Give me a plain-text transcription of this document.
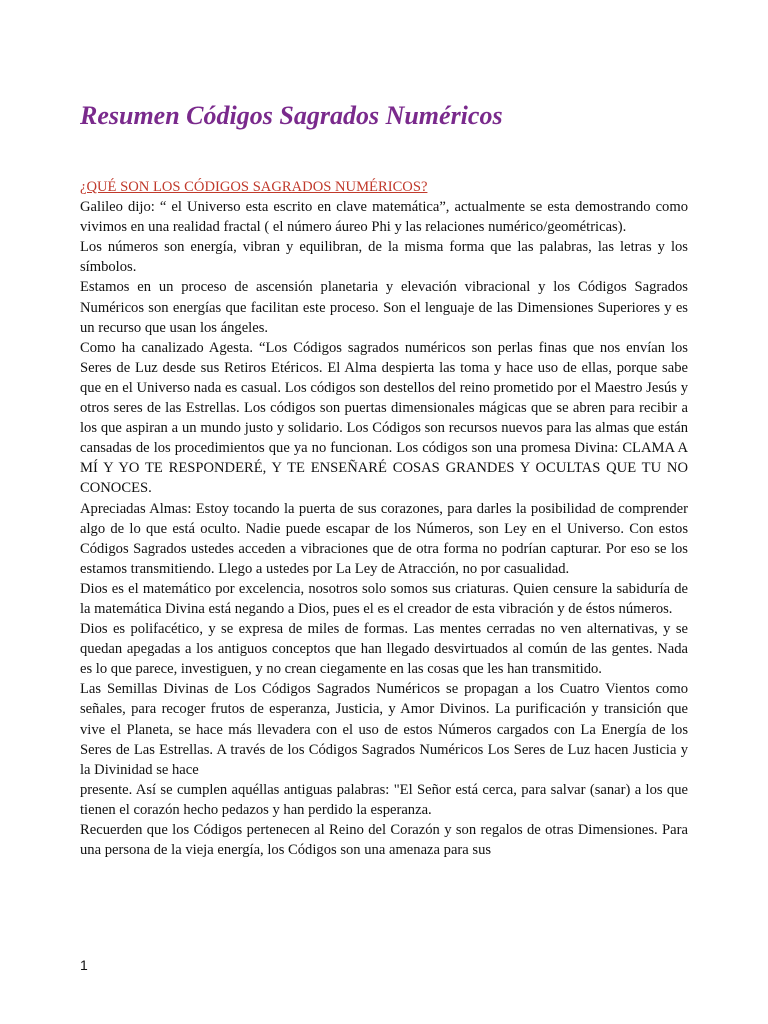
Resumen Códigos Sagrados Numéricos

¿QUÉ SON LOS CÓDIGOS SAGRADOS NUMÉRICOS?

Galileo dijo: “ el Universo esta escrito en clave matemática”, actualmente se esta demostrando como vivimos en una realidad fractal ( el número áureo Phi y las relaciones numérico/geométricas).

Los números son energía, vibran y equilibran, de la misma forma que las palabras, las letras y los símbolos.

Estamos en un proceso de ascensión planetaria y elevación vibracional y los Códigos Sagrados Numéricos son energías que facilitan este proceso. Son el lenguaje de las Dimensiones Superiores y es un recurso que usan los ángeles.

Como ha canalizado Agesta. “Los Códigos sagrados numéricos son perlas finas que nos envían los Seres de Luz desde sus Retiros Etéricos. El Alma despierta las toma y hace uso de ellas, porque sabe que en el Universo nada es casual. Los códigos son destellos del reino prometido por el Maestro Jesús y otros seres de las Estrellas. Los códigos son puertas dimensionales mágicas que se abren para recibir a los que aspiran a un mundo justo y solidario. Los Códigos son recursos nuevos para las almas que están cansadas de los procedimientos que ya no funcionan. Los códigos son una promesa Divina: CLAMA A MÍ Y YO TE RESPONDERÉ, Y TE ENSEÑARÉ COSAS GRANDES Y OCULTAS QUE TU NO CONOCES.

Apreciadas Almas: Estoy tocando la puerta de sus corazones, para darles la posibilidad de comprender algo de lo que está oculto. Nadie puede escapar de los Números, son Ley en el Universo. Con estos Códigos Sagrados ustedes acceden a vibraciones que de otra forma no podrían capturar. Por eso se los estamos transmitiendo. Llego a ustedes por La Ley de Atracción, no por casualidad.

Dios es el matemático por excelencia, nosotros solo somos sus criaturas. Quien censure la sabiduría de la matemática Divina está negando a Dios, pues el es el creador de esta vibración y de éstos números.

Dios es polifacético, y se expresa de miles de formas. Las mentes cerradas no ven alternativas, y se quedan apegadas a los antiguos conceptos que han llegado desvirtuados al común de las gentes. Nada es lo que parece, investiguen, y no crean ciegamente en las cosas que les han transmitido.

Las Semillas Divinas de Los Códigos Sagrados Numéricos se propagan a los Cuatro Vientos como señales, para recoger frutos de esperanza, Justicia, y Amor Divinos. La purificación y transición que vive el Planeta, se hace más llevadera con el uso de estos Números cargados con La Energía de los Seres de Las Estrellas. A través de los Códigos Sagrados Numéricos Los Seres de Luz hacen Justicia y la Divinidad se hace

presente. Así se cumplen aquéllas antiguas palabras: "El Señor está cerca, para salvar (sanar) a los que tienen el corazón hecho pedazos y han perdido la esperanza.

Recuerden que los Códigos pertenecen al Reino del Corazón y son regalos de otras Dimensiones. Para una persona de la vieja energía, los Códigos son una amenaza para sus

1
